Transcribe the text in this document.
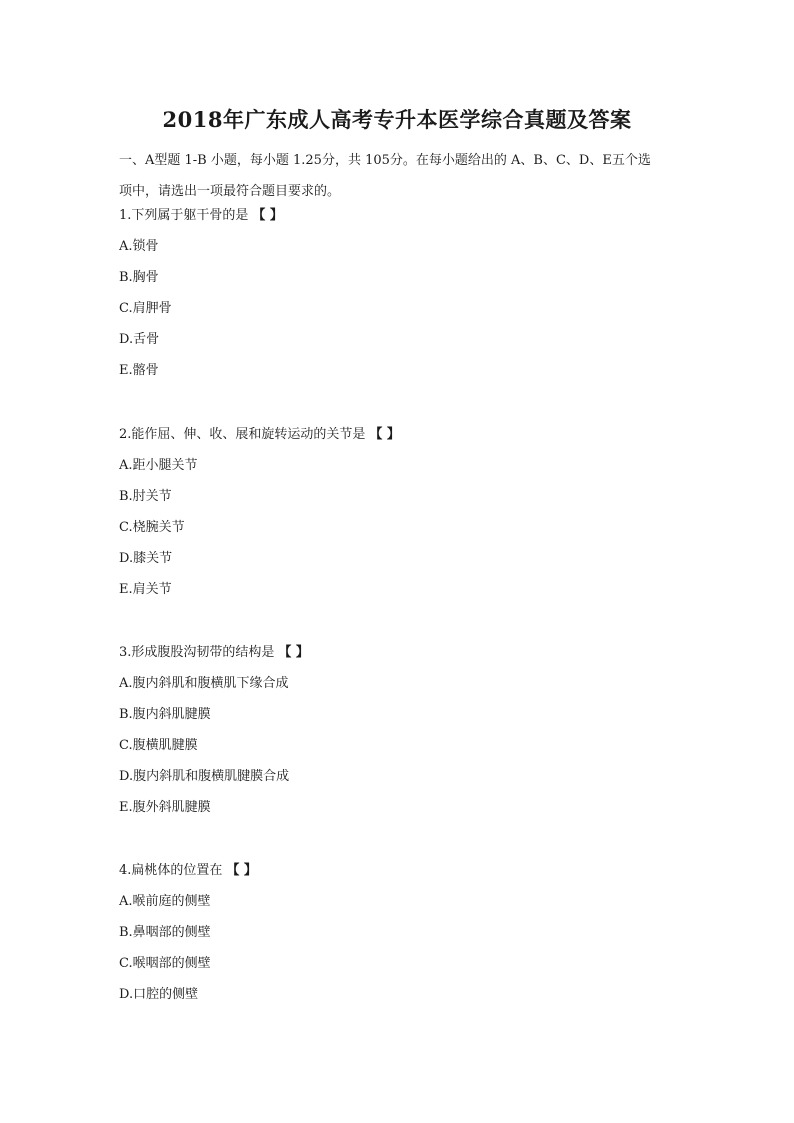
2018年广东成人高考专升本医学综合真题及答案

一、A型题 1-B 小题，每小题 1.25分，共 105分。在每小题给出的 A、B、C、D、E五个选

项中，请选出一项最符合题目要求的。

1.下列属于躯干骨的是 【 】

A.锁骨
B.胸骨
C.肩胛骨
D.舌骨
E.髂骨

2.能作屈、伸、收、展和旋转运动的关节是 【 】

A.距小腿关节
B.肘关节
C.桡腕关节
D.膝关节
E.肩关节

3.形成腹股沟韧带的结构是 【 】

A.腹内斜肌和腹横肌下缘合成
B.腹内斜肌腱膜
C.腹横肌腱膜
D.腹内斜肌和腹横肌腱膜合成
E.腹外斜肌腱膜

4.扁桃体的位置在 【 】

A.喉前庭的侧壁
B.鼻咽部的侧壁
C.喉咽部的侧壁
D.口腔的侧壁
